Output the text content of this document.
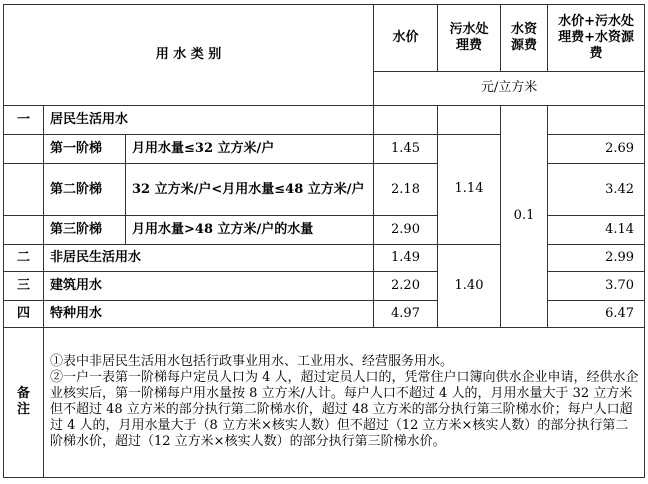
用 水 类 别			水价	污水处理费	水资源费	水价+污水处理费+水资源费

			元/立方米			
一	居民生活用水				0.1	
	第一阶梯	月用水量≤32 立方米/户	1.45	1.14		2.69
	第二阶梯	32 立方米/户<月用水量≤48 立方米/户	2.18			3.42
	第三阶梯	月用水量>48 立方米/户的水量	2.90			4.14
二	非居民生活用水		1.49	1.40		2.99
三	建筑用水		2.20			3.70
四	特种用水		4.97			6.47

备注	①表中非居民生活用水包括行政事业用水、工业用水、经营服务用水。

②一户一表第一阶梯每户定员人口为 4 人，超过定员人口的，凭常住户口簿向供水企业申请，经供水企业核实后，第一阶梯每户用水量按 8 立方米/人计。每户人口不超过 4 人的，月用水量大于 32 立方米但不超过 48 立方米的部分执行第二阶梯水价，超过 48 立方米的部分执行第三阶梯水价；每户人口超过 4 人的，月用水量大于（8 立方米×核实人数）但不超过（12 立方米×核实人数）的部分执行第二阶梯水价，超过（12 立方米×核实人数）的部分执行第三阶梯水价。					
